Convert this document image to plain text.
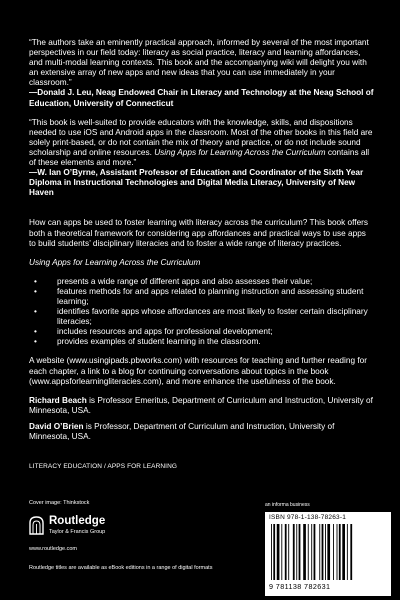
“The authors take an eminently practical approach, informed by several of the most important perspectives in our field today: literacy as social practice, literacy and learning affordances, and multi-modal learning contexts. This book and the accompanying wiki will delight you with an extensive array of new apps and new ideas that you can use immediately in your classroom.”

—Donald J. Leu, Neag Endowed Chair in Literacy and Technology at the Neag School of Education, University of Connecticut

“This book is well-suited to provide educators with the knowledge, skills, and dispositions needed to use iOS and Android apps in the classroom. Most of the other books in this field are solely print-based, or do not contain the mix of theory and practice, or do not include sound scholarship and online resources. Using Apps for Learning Across the Curriculum contains all of these elements and more.”

—W. Ian O’Byrne, Assistant Professor of Education and Coordinator of the Sixth Year Diploma in Instructional Technologies and Digital Media Literacy, University of New Haven

How can apps be used to foster learning with literacy across the curriculum? This book offers both a theoretical framework for considering app affordances and practical ways to use apps to build students’ disciplinary literacies and to foster a wide range of literacy practices.

Using Apps for Learning Across the Curriculum

• presents a wide range of different apps and also assesses their value;
• features methods for and apps related to planning instruction and assessing student learning;
• identifies favorite apps whose affordances are most likely to foster certain disciplinary literacies;
• includes resources and apps for professional development;
• provides examples of student learning in the classroom.

A website (www.usingipads.pbworks.com) with resources for teaching and further reading for each chapter, a link to a blog for continuing conversations about topics in the book (www.appsforlearningliteracies.com), and more enhance the usefulness of the book.

Richard Beach is Professor Emeritus, Department of Curriculum and Instruction, University of Minnesota, USA.

David O’Brien is Professor, Department of Curriculum and Instruction, University of Minnesota, USA.

LITERACY EDUCATION / APPS FOR LEARNING

Cover image: Thinkstock
Routledge
Taylor & Francis Group
www.routledge.com
Routledge titles are available as eBook editions in a range of digital formats
an informa business
ISBN 978-1-138-78263-1
9 781138 782631
